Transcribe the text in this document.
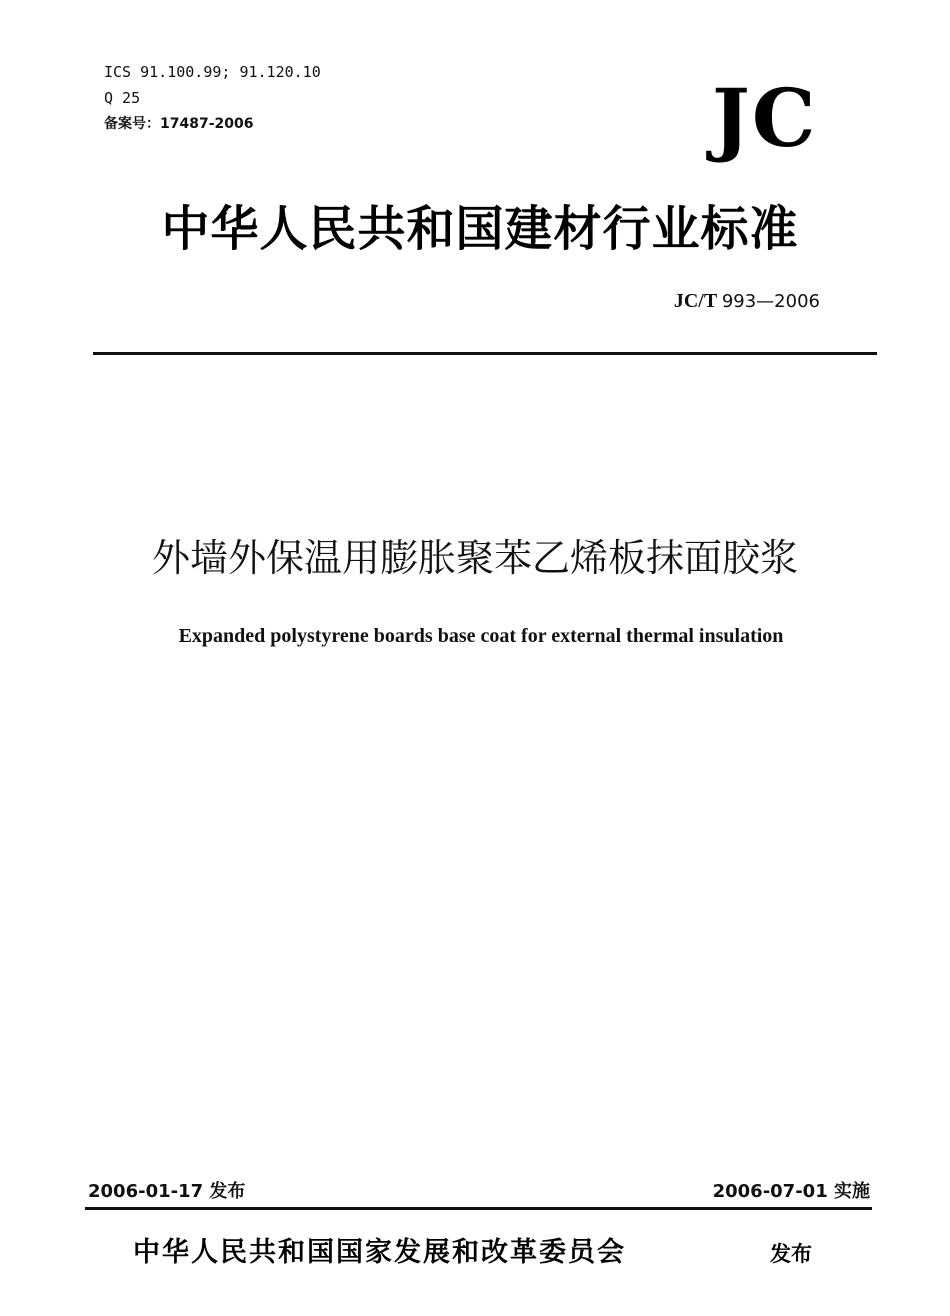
ICS 91.100.99; 91.120.10
Q 25
备案号：17487-2006	JC
中华人民共和国建材行业标准
JC/T 993—2006
外墙外保温用膨胀聚苯乙烯板抹面胶浆
Expanded polystyrene boards base coat for external thermal insulation
2006-01-17 发布	2006-07-01 实施
中华人民共和国国家发展和改革委员会	发布
